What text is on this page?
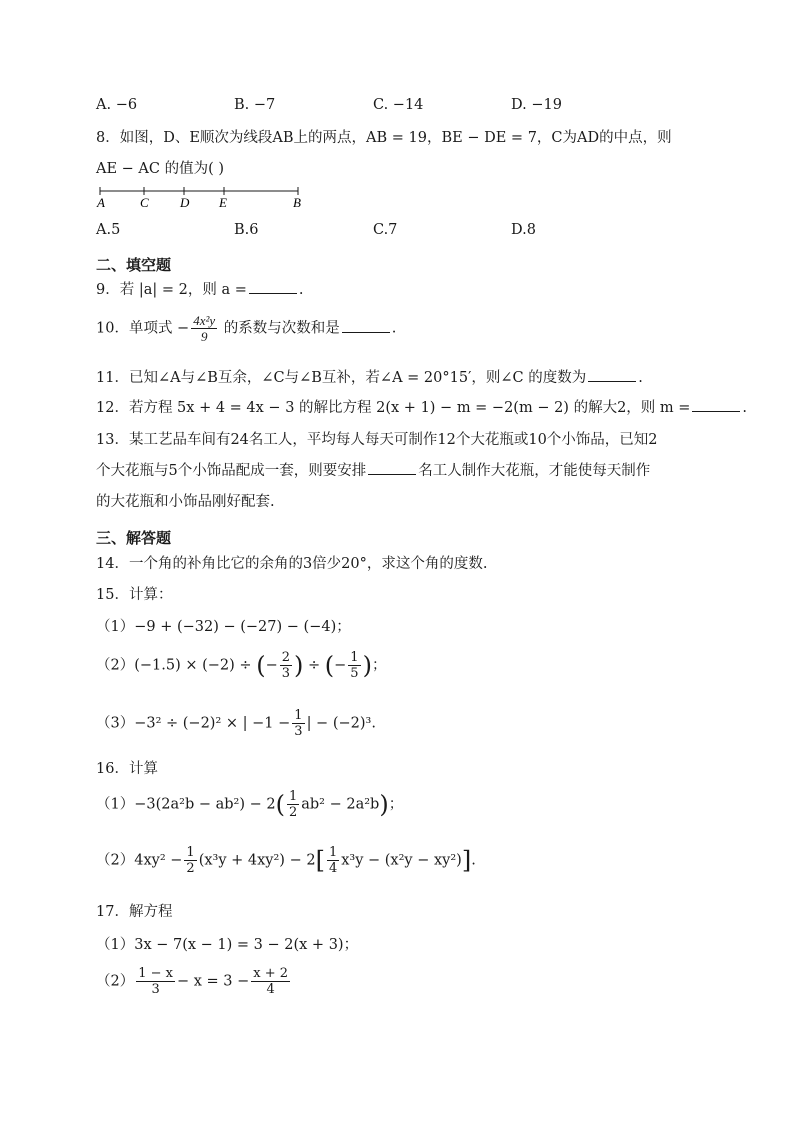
A. −6	B. −7	C. −14	D. −19
8．如图，D、E顺次为线段AB上的两点，AB = 19，BE − DE = 7，C为AD的中点，则
AE − AC 的值为( )
A	C D E	B
A.5	B.6	C.7	D.8
二、填空题
9．若 |a| = 2，则 a =	.
10．单项式 − $\frac{\text{4x²y}}{9}$ 的系数与次数和是	.
11．已知∠A与∠B互余，∠C与∠B互补，若∠A = 20°15′，则∠C 的度数为	.
12．若方程 5x + 4 = 4x − 3 的解比方程 2(x + 1) − m = −2(m − 2) 的解大2，则 m =	.
13．某工艺品车间有24名工人，平均每人每天可制作12个大花瓶或10个小饰品，已知2
个大花瓶与5个小饰品配成一套，则要安排	名工人制作大花瓶，才能使每天制作
的大花瓶和小饰品刚好配套.
三、解答题
14．一个角的补角比它的余角的3倍少20°，求这个角的度数.
15．计算：
（1）−9 + (−32) − (−27) − (−4)；
（2）(−1.5) × (−2) ÷ (− $\frac{2}{3}$ ) ÷ (− $\frac{1}{5}$ )；
（3）−3² ÷ (−2)² × | $-1 - \frac{1}{3}$ | − (−2)³.
16．计算
$(1)-3(2a^2b - ab^2) - 2( \frac{1}{2} ab^2 - 2a^2b)$；
$(2)4xy^2 - \frac{1}{2} (x^3y + 4xy^2) - 2[ \frac{1}{4} x^3y - (x^2y - xy^2)]$.
17．解方程
（1）3x − 7(x − 1) = 3 − 2(x + 3)；
$(2) \frac{1 - x}{3} - x = 3 - \frac{x + 2}{4}$
